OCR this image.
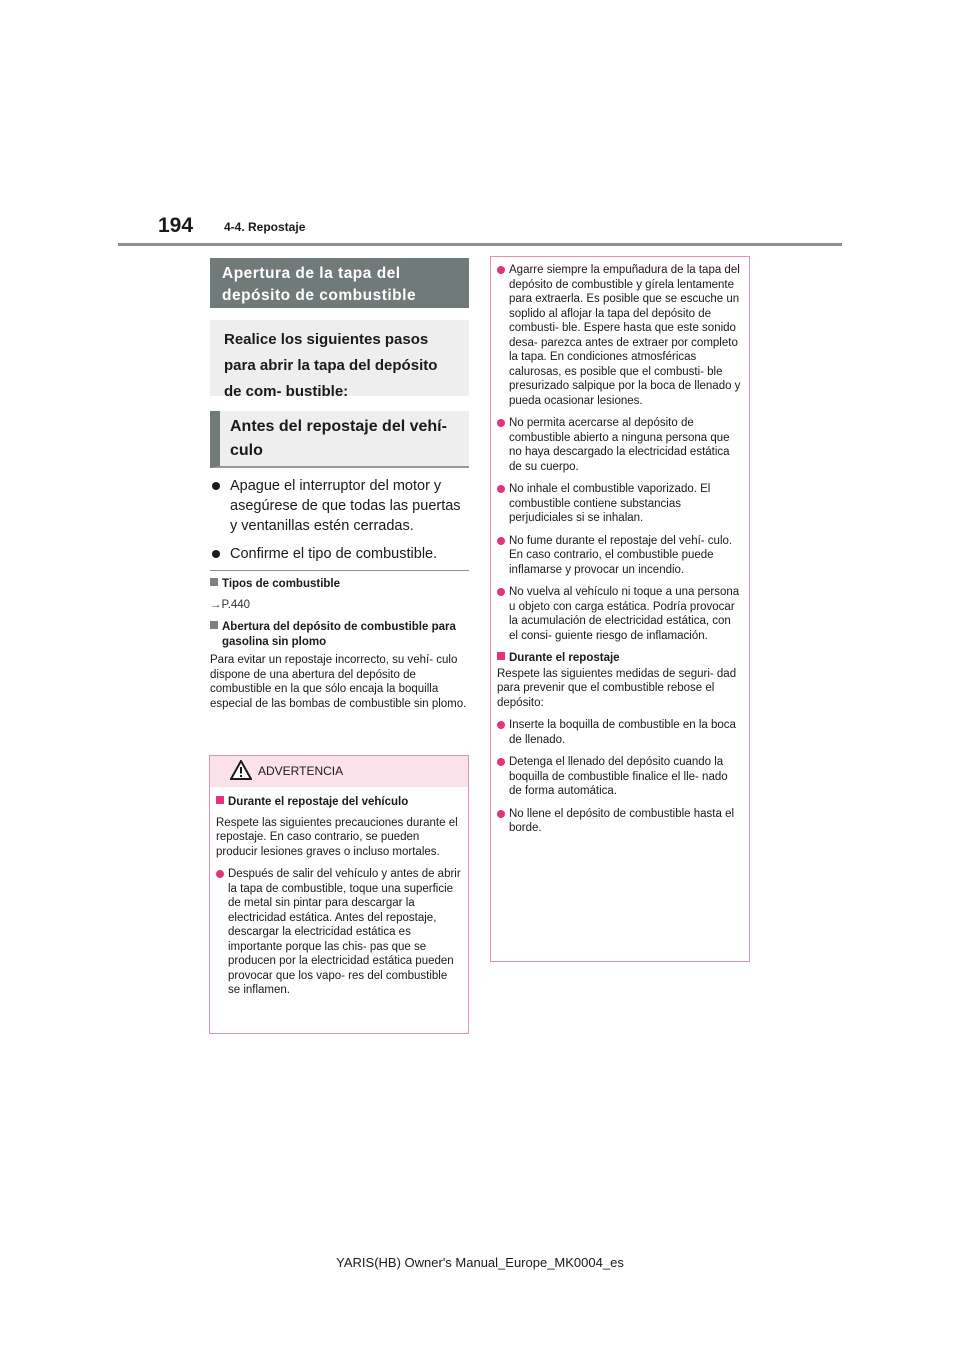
194	4-4. Repostaje
Apertura de la tapa del depósito de combustible
Realice los siguientes pasos para abrir la tapa del depósito de com- bustible:
Antes del repostaje del vehí- culo
Apague el interruptor del motor y asegúrese de que todas las puertas y ventanillas estén cerradas.
Confirme el tipo de combustible.
Tipos de combustible
→P.440
Abertura del depósito de combustible para gasolina sin plomo
Para evitar un repostaje incorrecto, su vehí- culo dispone de una abertura del depósito de combustible en la que sólo encaja la boquilla especial de las bombas de combustible sin plomo.
ADVERTENCIA
Durante el repostaje del vehículo
Respete las siguientes precauciones durante el repostaje. En caso contrario, se pueden producir lesiones graves o incluso mortales.
Después de salir del vehículo y antes de abrir la tapa de combustible, toque una superficie de metal sin pintar para descargar la electricidad estática. Antes del repostaje, descargar la electricidad estática es importante porque las chis- pas que se producen por la electricidad estática pueden provocar que los vapo- res del combustible se inflamen.
Agarre siempre la empuñadura de la tapa del depósito de combustible y gírela lentamente para extraerla. Es posible que se escuche un soplido al aflojar la tapa del depósito de combusti- ble. Espere hasta que este sonido desa- parezca antes de extraer por completo la tapa. En condiciones atmosféricas calurosas, es posible que el combusti- ble presurizado salpique por la boca de llenado y pueda ocasionar lesiones.
No permita acercarse al depósito de combustible abierto a ninguna persona que no haya descargado la electricidad estática de su cuerpo.
No inhale el combustible vaporizado. El combustible contiene substancias perjudiciales si se inhalan.
No fume durante el repostaje del vehí- culo. En caso contrario, el combustible puede inflamarse y provocar un incendio.
No vuelva al vehículo ni toque a una persona u objeto con carga estática. Podría provocar la acumulación de electricidad estática, con el consi- guiente riesgo de inflamación.
Durante el repostaje
Respete las siguientes medidas de seguri- dad para prevenir que el combustible rebose el depósito:
Inserte la boquilla de combustible en la boca de llenado.
Detenga el llenado del depósito cuando la boquilla de combustible finalice el lle- nado de forma automática.
No llene el depósito de combustible hasta el borde.
YARIS(HB) Owner's Manual_Europe_MK0004_es
